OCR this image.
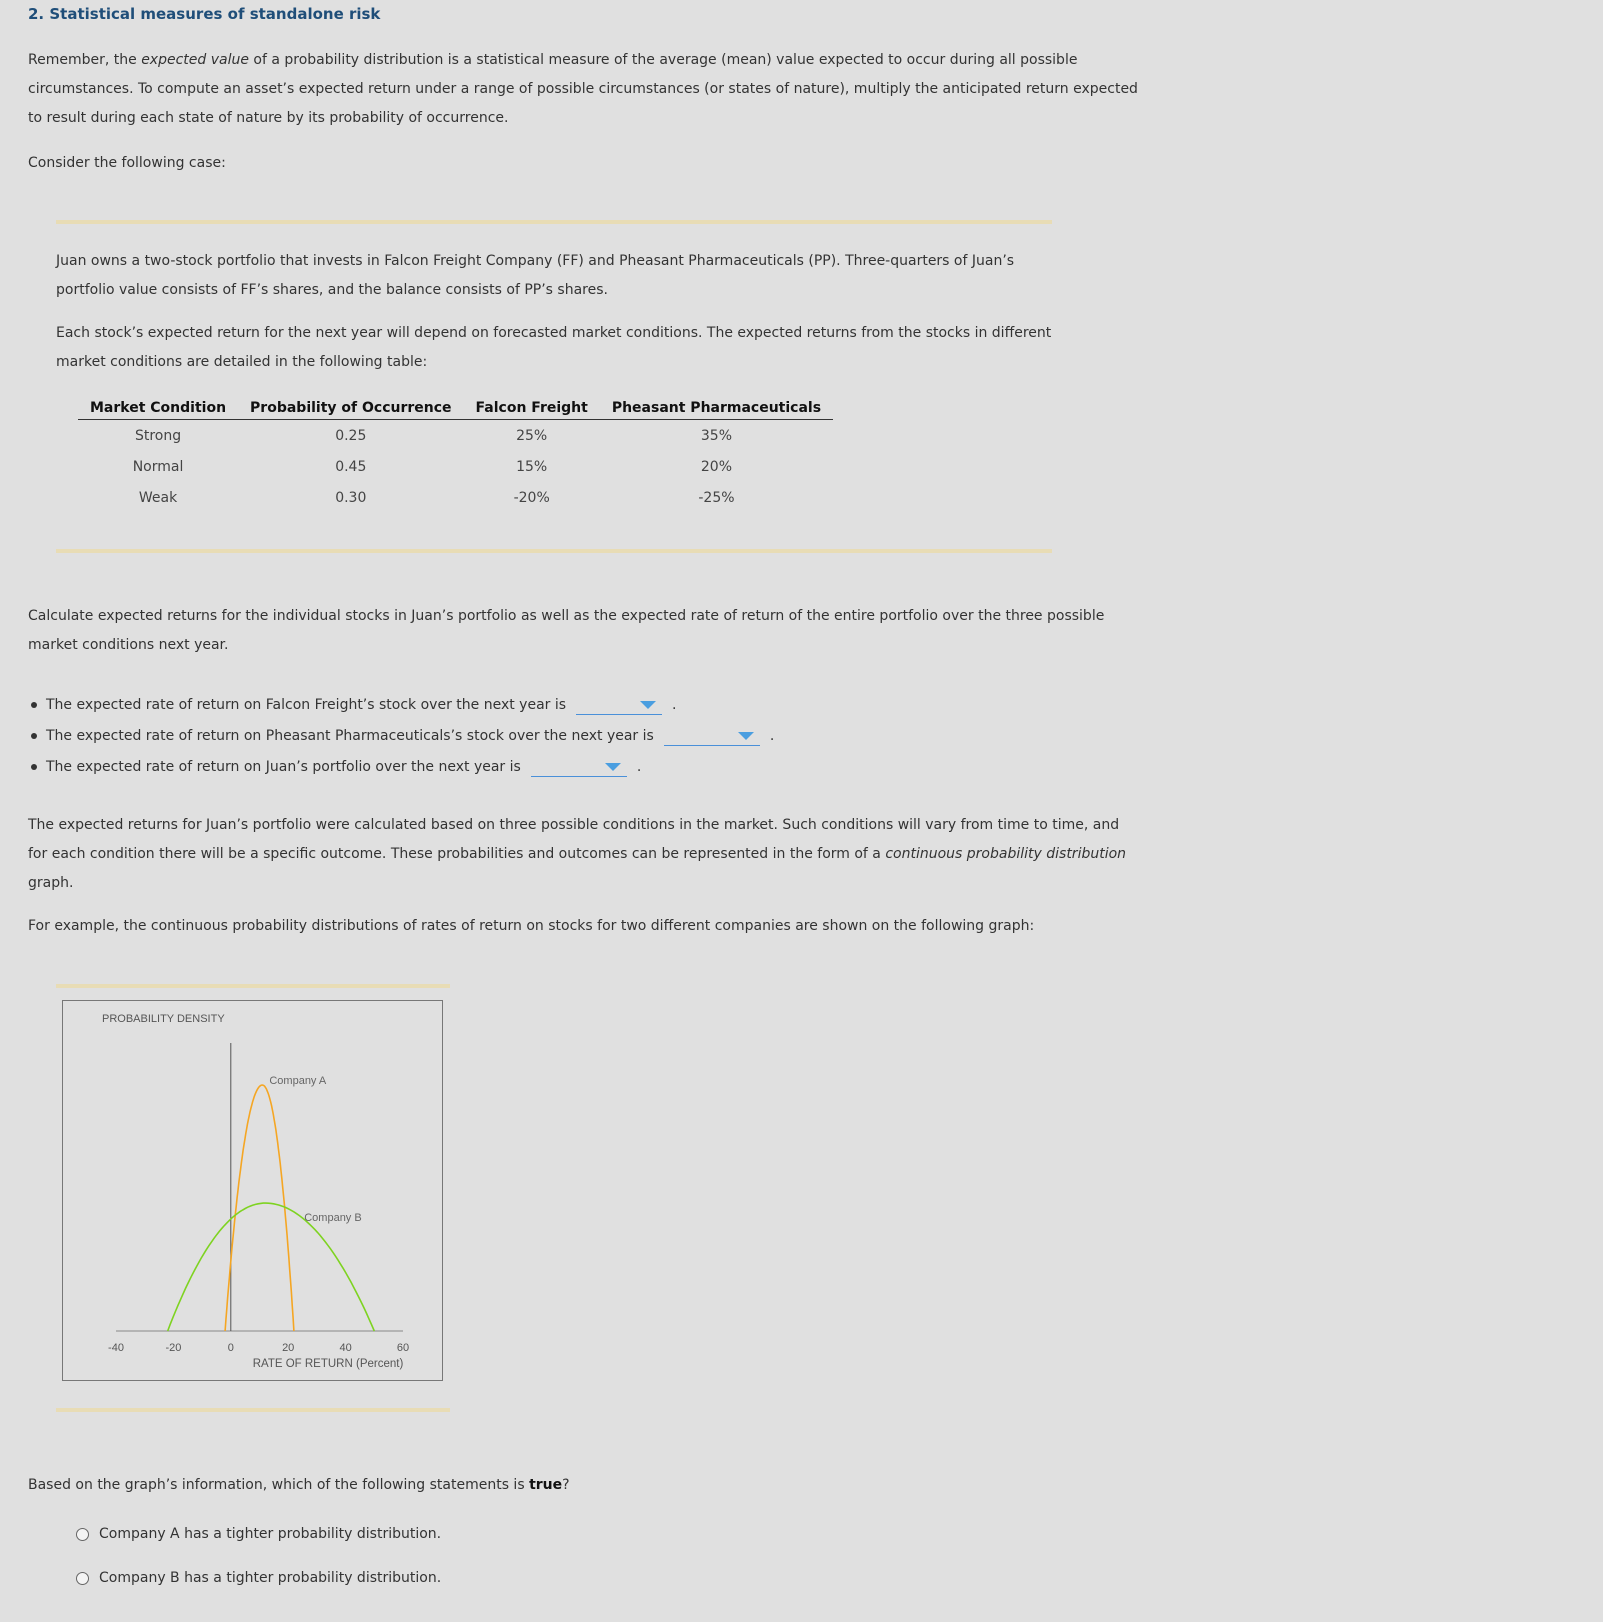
2. Statistical measures of standalone risk
Remember, the expected value of a probability distribution is a statistical measure of the average (mean) value expected to occur during all possible circumstances. To compute an asset’s expected return under a range of possible circumstances (or states of nature), multiply the anticipated return expected to result during each state of nature by its probability of occurrence.
Consider the following case:
Juan owns a two-stock portfolio that invests in Falcon Freight Company (FF) and Pheasant Pharmaceuticals (PP). Three-quarters of Juan’s portfolio value consists of FF’s shares, and the balance consists of PP’s shares.
Each stock’s expected return for the next year will depend on forecasted market conditions. The expected returns from the stocks in different market conditions are detailed in the following table:
Market Condition	Probability of Occurrence	Falcon Freight	Pheasant Pharmaceuticals
Strong	0.25	25%	35%
Normal	0.45	15%	20%
Weak	0.30	-20%	-25%
Calculate expected returns for the individual stocks in Juan’s portfolio as well as the expected rate of return of the entire portfolio over the three possible market conditions next year.
The expected rate of return on Falcon Freight’s stock over the next year is	.
The expected rate of return on Pheasant Pharmaceuticals’s stock over the next year is	.
The expected rate of return on Juan’s portfolio over the next year is	.
The expected returns for Juan’s portfolio were calculated based on three possible conditions in the market. Such conditions will vary from time to time, and for each condition there will be a specific outcome. These probabilities and outcomes can be represented in the form of a continuous probability distribution graph.
For example, the continuous probability distributions of rates of return on stocks for two different companies are shown on the following graph:
PROBABILITY DENSITY
RATE OF RETURN (Percent)
-40	-20	0	20	40	60
Company A
Company B
Based on the graph’s information, which of the following statements is true?
Company A has a tighter probability distribution.
Company B has a tighter probability distribution.
